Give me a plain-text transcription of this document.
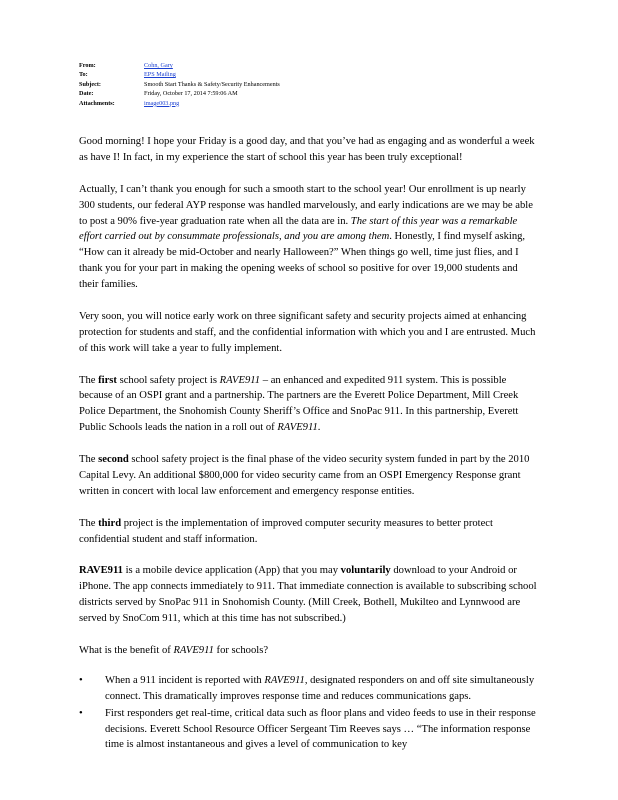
From:	Cohn, Gary
To:	EPS Mailing
Subject:	Smooth Start Thanks & Safety/Security Enhancements
Date:	Friday, October 17, 2014 7:59:06 AM
Attachments:	image003.png

Good morning! I hope your Friday is a good day, and that you’ve had as engaging and as wonderful a week as have I! In fact, in my experience the start of school this year has been truly exceptional!

Actually, I can’t thank you enough for such a smooth start to the school year! Our enrollment is up nearly 300 students, our federal AYP response was handled marvelously, and early indications are we may be able to post a 90% five-year graduation rate when all the data are in. The start of this year was a remarkable effort carried out by consummate professionals, and you are among them. Honestly, I find myself asking, “How can it already be mid-October and nearly Halloween?” When things go well, time just flies, and I thank you for your part in making the opening weeks of school so positive for over 19,000 students and their families.

Very soon, you will notice early work on three significant safety and security projects aimed at enhancing protection for students and staff, and the confidential information with which you and I are entrusted. Much of this work will take a year to fully implement.

The first school safety project is RAVE911 – an enhanced and expedited 911 system. This is possible because of an OSPI grant and a partnership. The partners are the Everett Police Department, Mill Creek Police Department, the Snohomish County Sheriff’s Office and SnoPac 911. In this partnership, Everett Public Schools leads the nation in a roll out of RAVE911.

The second school safety project is the final phase of the video security system funded in part by the 2010 Capital Levy. An additional $800,000 for video security came from an OSPI Emergency Response grant written in concert with local law enforcement and emergency response entities.

The third project is the implementation of improved computer security measures to better protect confidential student and staff information.

RAVE911 is a mobile device application (App) that you may voluntarily download to your Android or iPhone. The app connects immediately to 911. That immediate connection is available to subscribing school districts served by SnoPac 911 in Snohomish County. (Mill Creek, Bothell, Mukilteo and Lynnwood are served by SnoCom 911, which at this time has not subscribed.)

What is the benefit of RAVE911 for schools?

• When a 911 incident is reported with RAVE911, designated responders on and off site simultaneously connect. This dramatically improves response time and reduces communications gaps.
• First responders get real-time, critical data such as floor plans and video feeds to use in their response decisions. Everett School Resource Officer Sergeant Tim Reeves says … “The information response time is almost instantaneous and gives a level of communication to key
